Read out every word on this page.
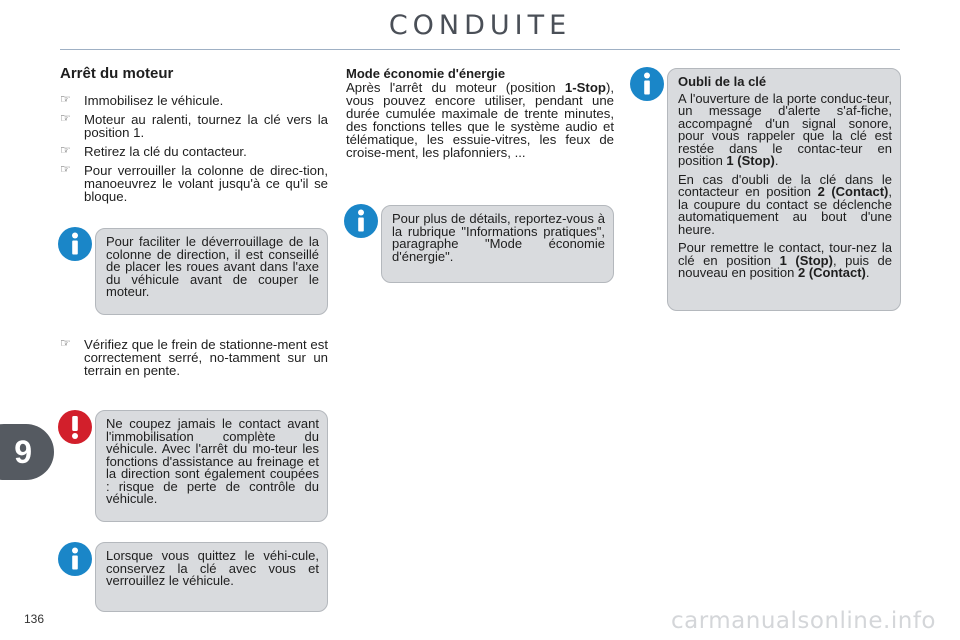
CONDUITE
Arrêt du moteur
☞ Immobilisez le véhicule.
☞ Moteur au ralenti, tournez la clé vers la position 1.
☞ Retirez la clé du contacteur.
☞ Pour verrouiller la colonne de direc-tion, manoeuvrez le volant jusqu'à ce qu'il se bloque.

Pour faciliter le déverrouillage de la colonne de direction, il est conseillé de placer les roues avant dans l'axe du véhicule avant de couper le moteur.

☞ Vérifiez que le frein de stationne-ment est correctement serré, no-tamment sur un terrain en pente.

Ne coupez jamais le contact avant l'immobilisation complète du véhicule. Avec l'arrêt du mo-teur les fonctions d'assistance au freinage et la direction sont également coupées : risque de perte de contrôle du véhicule.

Lorsque vous quittez le véhi-cule, conservez la clé avec vous et verrouillez le véhicule.

Mode économie d'énergie

Après l'arrêt du moteur (position 1-Stop), vous pouvez encore utiliser, pendant une durée cumulée maximale de trente minutes, des fonctions telles que le système audio et télématique, les essuie-vitres, les feux de croise-ment, les plafonniers, ...

Pour plus de détails, reportez-vous à la rubrique "Informations pratiques", paragraphe "Mode économie d'énergie".

Oubli de la clé

A l'ouverture de la porte conduc-teur, un message d'alerte s'af-fiche, accompagné d'un signal sonore, pour vous rappeler que la clé est restée dans le contac-teur en position 1 (Stop).

En cas d'oubli de la clé dans le contacteur en position 2 (Contact), la coupure du contact se déclenche automatiquement au bout d'une heure.

Pour remettre le contact, tour-nez la clé en position 1 (Stop), puis de nouveau en position 2 (Contact).

9
136	carmanualsonline.info
